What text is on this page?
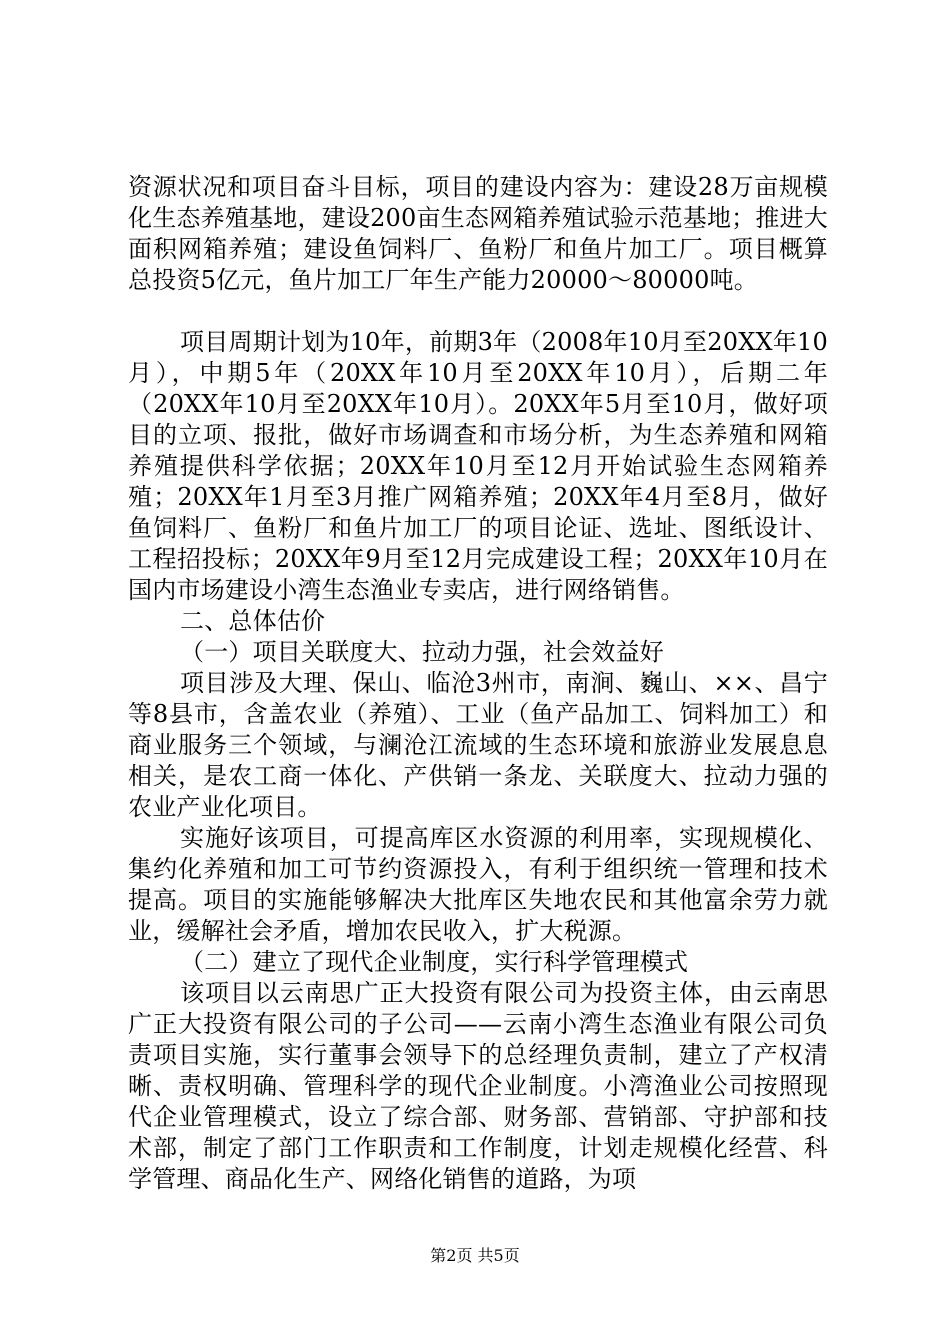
资源状况和项目奋斗目标，项目的建设内容为：建设28万亩规模化生态养殖基地，建设200亩生态网箱养殖试验示范基地；推进大面积网箱养殖；建设鱼饲料厂、鱼粉厂和鱼片加工厂。项目概算总投资5亿元，鱼片加工厂年生产能力20000～80000吨。

项目周期计划为10年，前期3年（2008年10月至20XX年10月），中期5年（20XX年10月至20XX年10月），后期二年（20XX年10月至20XX年10月）。20XX年5月至10月，做好项目的立项、报批，做好市场调查和市场分析，为生态养殖和网箱养殖提供科学依据；20XX年10月至12月开始试验生态网箱养殖；20XX年1月至3月推广网箱养殖；20XX年4月至8月，做好鱼饲料厂、鱼粉厂和鱼片加工厂的项目论证、选址、图纸设计、工程招投标；20XX年9月至12月完成建设工程；20XX年10月在国内市场建设小湾生态渔业专卖店，进行网络销售。

二、总体估价

（一）项目关联度大、拉动力强，社会效益好

项目涉及大理、保山、临沧3州市，南涧、巍山、××、昌宁等8县市，含盖农业（养殖）、工业（鱼产品加工、饲料加工）和商业服务三个领域，与澜沧江流域的生态环境和旅游业发展息息相关，是农工商一体化、产供销一条龙、关联度大、拉动力强的农业产业化项目。

实施好该项目，可提高库区水资源的利用率，实现规模化、集约化养殖和加工可节约资源投入，有利于组织统一管理和技术提高。项目的实施能够解决大批库区失地农民和其他富余劳力就业，缓解社会矛盾，增加农民收入，扩大税源。

（二）建立了现代企业制度，实行科学管理模式

该项目以云南思广正大投资有限公司为投资主体，由云南思广正大投资有限公司的子公司——云南小湾生态渔业有限公司负责项目实施，实行董事会领导下的总经理负责制，建立了产权清晰、责权明确、管理科学的现代企业制度。小湾渔业公司按照现代企业管理模式，设立了综合部、财务部、营销部、守护部和技术部，制定了部门工作职责和工作制度，计划走规模化经营、科学管理、商品化生产、网络化销售的道路，为项

第2页 共5页
